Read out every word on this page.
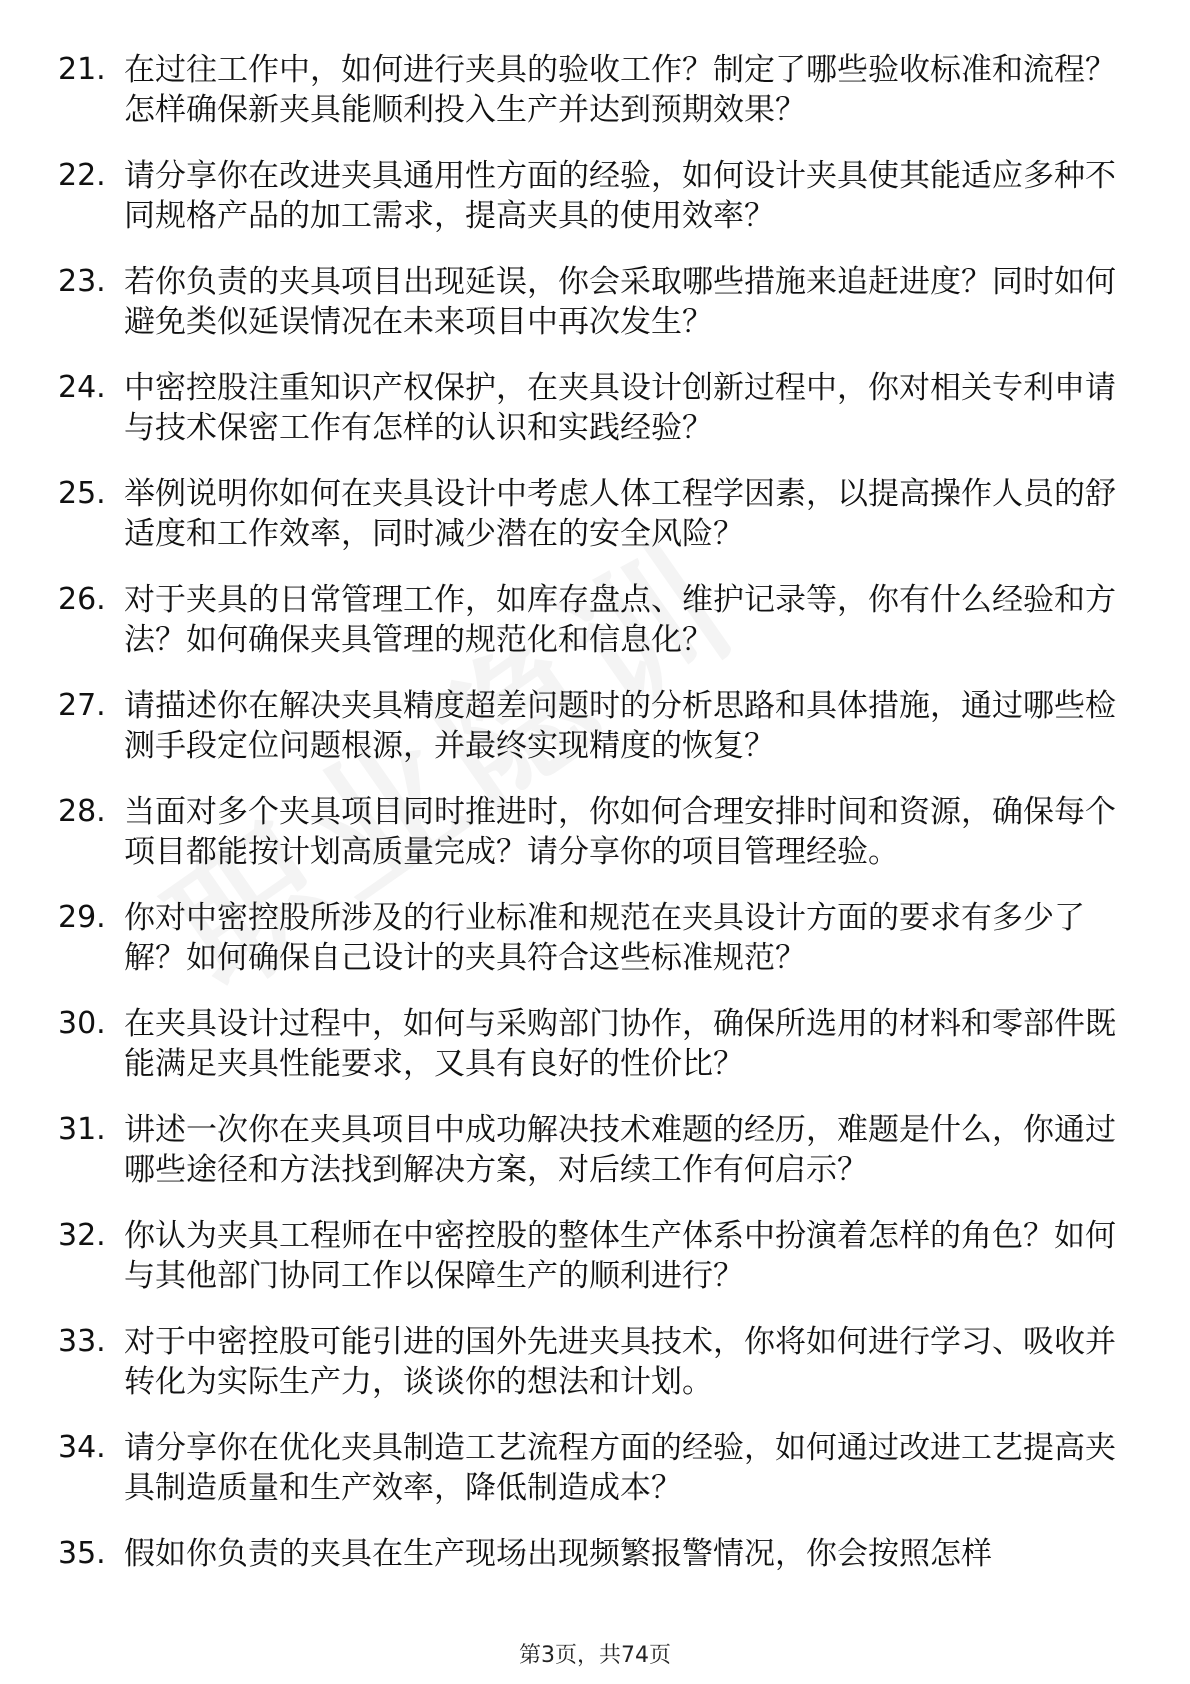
21. 在过往工作中，如何进行夹具的验收工作？制定了哪些验收标准和流程？怎样确保新夹具能顺利投入生产并达到预期效果？
22. 请分享你在改进夹具通用性方面的经验，如何设计夹具使其能适应多种不同规格产品的加工需求，提高夹具的使用效率？
23. 若你负责的夹具项目出现延误，你会采取哪些措施来追赶进度？同时如何避免类似延误情况在未来项目中再次发生？
24. 中密控股注重知识产权保护，在夹具设计创新过程中，你对相关专利申请与技术保密工作有怎样的认识和实践经验？
25. 举例说明你如何在夹具设计中考虑人体工程学因素，以提高操作人员的舒适度和工作效率，同时减少潜在的安全风险？
26. 对于夹具的日常管理工作，如库存盘点、维护记录等，你有什么经验和方法？如何确保夹具管理的规范化和信息化？
27. 请描述你在解决夹具精度超差问题时的分析思路和具体措施，通过哪些检测手段定位问题根源，并最终实现精度的恢复？
28. 当面对多个夹具项目同时推进时，你如何合理安排时间和资源，确保每个项目都能按计划高质量完成？请分享你的项目管理经验。
29. 你对中密控股所涉及的行业标准和规范在夹具设计方面的要求有多少了解？如何确保自己设计的夹具符合这些标准规范？
30. 在夹具设计过程中，如何与采购部门协作，确保所选用的材料和零部件既能满足夹具性能要求，又具有良好的性价比？
31. 讲述一次你在夹具项目中成功解决技术难题的经历，难题是什么，你通过哪些途径和方法找到解决方案，对后续工作有何启示？
32. 你认为夹具工程师在中密控股的整体生产体系中扮演着怎样的角色？如何与其他部门协同工作以保障生产的顺利进行？
33. 对于中密控股可能引进的国外先进夹具技术，你将如何进行学习、吸收并转化为实际生产力，谈谈你的想法和计划。
34. 请分享你在优化夹具制造工艺流程方面的经验，如何通过改进工艺提高夹具制造质量和生产效率，降低制造成本？
35. 假如你负责的夹具在生产现场出现频繁报警情况，你会按照怎样
第3页，共74页
